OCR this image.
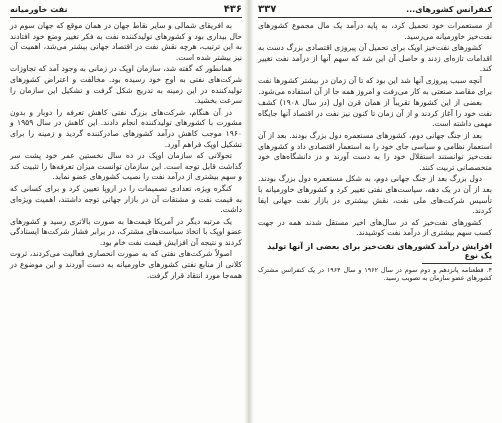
۴۳۶
نفت خاورمیانه

به افریقای شمالی و سایر نقاط جهان در همان موقع که جهان سوم در حال بیداری بود و کشورهای تولیدکننده نفت به فکر تغییر وضع خود افتادند به این ترتیب، هرچه نقش نفت در اقتصاد جهانی بیشتر می‌شد، اهمیت آن نیز بیشتر شده است.

همانطور که گفته شد، سازمان اوپک در زمانی به وجود آمد که تجاوزات شرکت‌های نفتی به اوج خود رسیده بود. مخالفت و اعتراض کشورهای تولیدکننده در این زمینه به تدریج شکل گرفت و تشکیل این سازمان را سرعت بخشید.

در آن هنگام، شرکت‌های بزرگ نفتی کاهش تعرفه را دوبار و بدون مشورت با کشورهای تولیدکننده انجام دادند. این کاهش در سال ۱۹۵۹ و ۱۹۶۰ موجب کاهش درآمد کشورهای صادرکننده گردید و زمینه را برای تشکیل اوپک فراهم آورد.

تحولاتی که سازمان اوپک در ده سال نخستین عمر خود پشت سر گذاشت قابل توجه است. این سازمان توانست میزان تعرفه‌ها را تثبیت کند و سهم بیشتری از درآمد نفت را نصیب کشورهای عضو نماید.

کنگره ویژه، تعدادی تصمیمات را در اروپا تعیین کرد و برای کسانی که به قیمت نفت و مشتقات آن در بازار جهانی توجه داشتند، اهمیت ویژه‌ای داشت.

یک مرتبه دیگر در آمریکا قیمت‌ها به صورت بالاتری رسید و کشورهای عضو اوپک با اتخاذ سیاست‌های مشترک، در برابر فشار شرکت‌ها ایستادگی کردند و نتیجه آن افزایش قیمت نفت خام بود.

اصولاً شرکت‌های نفتی که به صورت انحصاری فعالیت می‌کردند، ثروت کلانی از منابع نفتی کشورهای خاورمیانه به دست آوردند و این موضوع در همه‌جا مورد انتقاد قرار گرفت.

کنفرانس کشورهای...
۳۳۷

از مستعمرات خود تحمیل کرد، به پایه درآمد یک مال مجموع کشورهای نفت‌خیز خاورمیانه می‌رسید.

کشورهای نفت‌خیز اوپک برای تحمیل آن پیروزی اقتصادی بزرگ دست به اقدامات تازه‌ای زدند و حاصل آن این شد که سهم آنها از درآمد نفت تغییر کند.

آنچه سبب پیروزی آنها شد این بود که تا آن زمان در بیشتر کشورها نفت برای مقاصد صنعتی به کار می‌رفت و امروز همه جا از آن استفاده می‌شود.

بعضی از این کشورها تقریباً از همان قرن اول (در سال ۱۹۰۸) کشف نفت خود را آغاز کردند و از آن زمان تا کنون نیز نفت در اقتصاد آنها جایگاه مهمی داشته است.

بعد از جنگ جهانی دوم، کشورهای مستعمره دول بزرگ بودند. بعد از آن استعمار نظامی و سیاسی جای خود را به استعمار اقتصادی داد و کشورهای نفت‌خیز توانستند استقلال خود را به دست آورند و در دانشگاه‌های خود متخصصانی تربیت کنند.

دول بزرگ بعد از جنگ جهانی دوم، به شکل مستعمره دول بزرگ بودند. بعد از آن در یک دهه، سیاست‌های نفتی تغییر کرد و کشورهای خاورمیانه با تأسیس شرکت‌های ملی نفت، نقش بیشتری در بازار نفت جهانی ایفا کردند.

کشورهای نفت‌خیز که در سال‌های اخیر مستقل شدند همه در جهت کسب سهم بیشتری از درآمد نفت کوشیدند.

افزایش درآمد کشورهای نفت‌خیز برای بعضی از آنها تولید یک نوع
۴. قطعنامه پانزدهم و دوم سوم در سال ۱۹۶۲ و سال ۱۹۶۴ در یک کنفرانس مشترک کشورهای عضو سازمان به تصویب رسید.
